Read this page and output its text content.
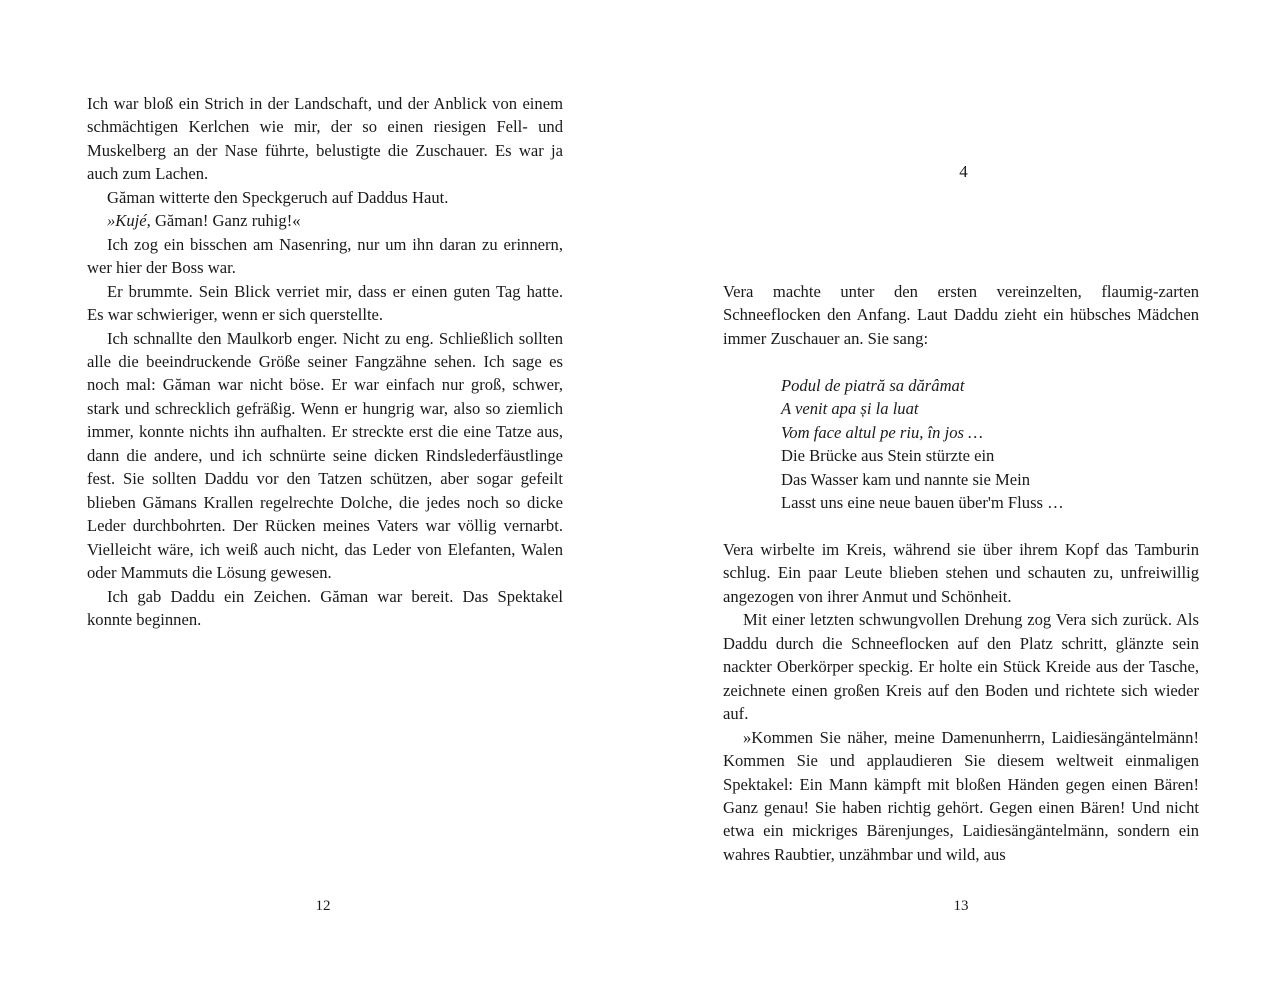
Ich war bloß ein Strich in der Landschaft, und der Anblick von einem schmächtigen Kerlchen wie mir, der so einen riesigen Fell- und Muskelberg an der Nase führte, belustigte die Zuschauer. Es war ja auch zum Lachen.

Gămаn witterte den Speckgeruch auf Daddus Haut.

»Kujé, Găman! Ganz ruhig!«

Ich zog ein bisschen am Nasenring, nur um ihn daran zu erinnern, wer hier der Boss war.

Er brummte. Sein Blick verriet mir, dass er einen guten Tag hatte. Es war schwieriger, wenn er sich querstellte.

Ich schnallte den Maulkorb enger. Nicht zu eng. Schließlich sollten alle die beeindruckende Größe seiner Fangzähne sehen. Ich sage es noch mal: Găman war nicht böse. Er war einfach nur groß, schwer, stark und schrecklich gefräßig. Wenn er hungrig war, also so ziemlich immer, konnte nichts ihn aufhalten. Er streckte erst die eine Tatze aus, dann die andere, und ich schnürte seine dicken Rindslederfäustlinge fest. Sie sollten Daddu vor den Tatzen schützen, aber sogar gefeilt blieben Gămans Krallen regelrechte Dolche, die jedes noch so dicke Leder durchbohrten. Der Rücken meines Vaters war völlig vernarbt. Vielleicht wäre, ich weiß auch nicht, das Leder von Elefanten, Walen oder Mammuts die Lösung gewesen.

Ich gab Daddu ein Zeichen. Găman war bereit. Das Spektakel konnte beginnen.

12
4

Vera machte unter den ersten vereinzelten, flaumig-zarten Schneeflocken den Anfang. Laut Daddu zieht ein hübsches Mädchen immer Zuschauer an. Sie sang:

Podul de piatră sa dărâmat
A venit apa și la luat
Vom face altul pe riu, în jos …
Die Brücke aus Stein stürzte ein
Das Wasser kam und nannte sie Mein
Lasst uns eine neue bauen über'm Fluss …

Vera wirbelte im Kreis, während sie über ihrem Kopf das Tamburin schlug. Ein paar Leute blieben stehen und schauten zu, unfreiwillig angezogen von ihrer Anmut und Schönheit.

Mit einer letzten schwungvollen Drehung zog Vera sich zurück. Als Daddu durch die Schneeflocken auf den Platz schritt, glänzte sein nackter Oberkörper speckig. Er holte ein Stück Kreide aus der Tasche, zeichnete einen großen Kreis auf den Boden und richtete sich wieder auf.

»Kommen Sie näher, meine Damenunherrn, Laidiesängäntelmänn! Kommen Sie und applaudieren Sie diesem weltweit einmaligen Spektakel: Ein Mann kämpft mit bloßen Händen gegen einen Bären! Ganz genau! Sie haben richtig gehört. Gegen einen Bären! Und nicht etwa ein mickriges Bärenjunges, Laidiesängäntelmänn, sondern ein wahres Raubtier, unzähmbar und wild, aus

13
